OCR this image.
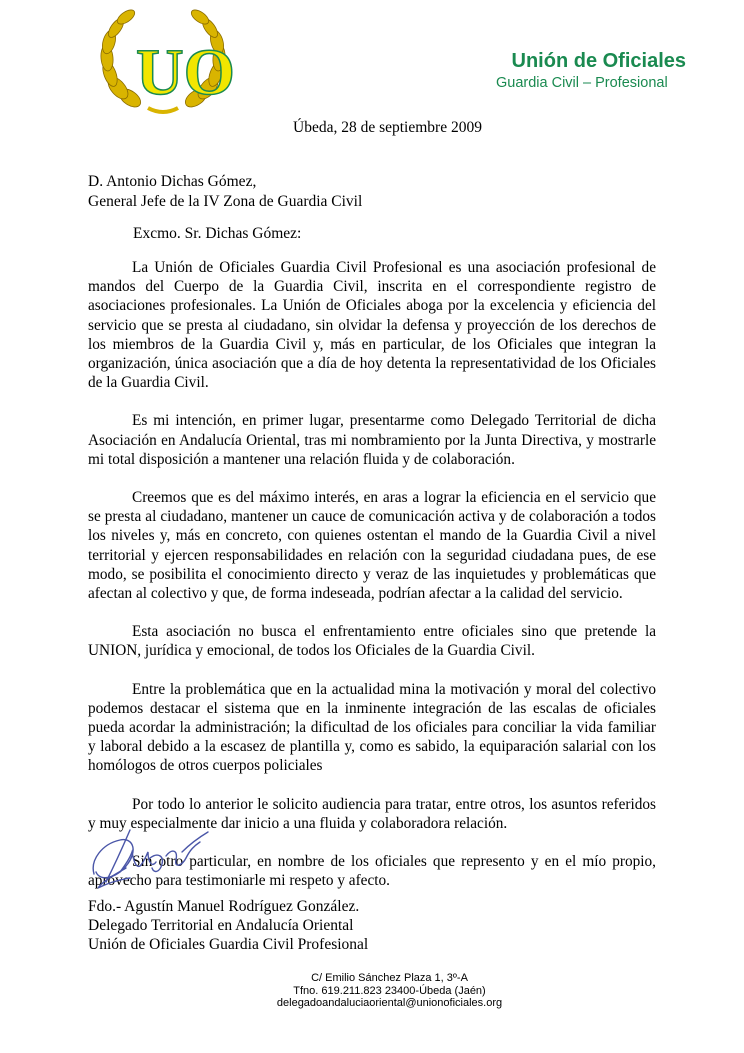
UO	Unión de Oficiales
Guardia Civil – Profesional
Úbeda, 28 de septiembre 2009
D. Antonio Dichas Gómez,
General Jefe de la IV Zona de Guardia Civil
Excmo. Sr. Dichas Gómez:

La Unión de Oficiales Guardia Civil Profesional es una asociación profesional de mandos del Cuerpo de la Guardia Civil, inscrita en el correspondiente registro de asociaciones profesionales. La Unión de Oficiales aboga por la excelencia y eficiencia del servicio que se presta al ciudadano, sin olvidar la defensa y proyección de los derechos de los miembros de la Guardia Civil y, más en particular, de los Oficiales que integran la organización, única asociación que a día de hoy detenta la representatividad de los Oficiales de la Guardia Civil.

Es mi intención, en primer lugar, presentarme como Delegado Territorial de dicha Asociación en Andalucía Oriental, tras mi nombramiento por la Junta Directiva, y mostrarle mi total disposición a mantener una relación fluida y de colaboración.

Creemos que es del máximo interés, en aras a lograr la eficiencia en el servicio que se presta al ciudadano, mantener un cauce de comunicación activa y de colaboración a todos los niveles y, más en concreto, con quienes ostentan el mando de la Guardia Civil a nivel territorial y ejercen responsabilidades en relación con la seguridad ciudadana pues, de ese modo, se posibilita el conocimiento directo y veraz de las inquietudes y problemáticas que afectan al colectivo y que, de forma indeseada, podrían afectar a la calidad del servicio.

Esta asociación no busca el enfrentamiento entre oficiales sino que pretende la UNION, jurídica y emocional, de todos los Oficiales de la Guardia Civil.

Entre la problemática que en la actualidad mina la motivación y moral del colectivo podemos destacar el sistema que en la inminente integración de las escalas de oficiales pueda acordar la administración; la dificultad de los oficiales para conciliar la vida familiar y laboral debido a la escasez de plantilla y, como es sabido, la equiparación salarial con los homólogos de otros cuerpos policiales

Por todo lo anterior le solicito audiencia para tratar, entre otros, los asuntos referidos y muy especialmente dar inicio a una fluida y colaboradora relación.

Sin otro particular, en nombre de los oficiales que represento y en el mío propio, aprovecho para testimoniarle mi respeto y afecto.

Fdo.- Agustín Manuel Rodríguez González.
Delegado Territorial en Andalucía Oriental
Unión de Oficiales Guardia Civil Profesional
C/ Emilio Sánchez Plaza 1, 3º-A
Tfno. 619.211.823 23400-Úbeda (Jaén)
delegadoandaluciaoriental@unionoficiales.org
